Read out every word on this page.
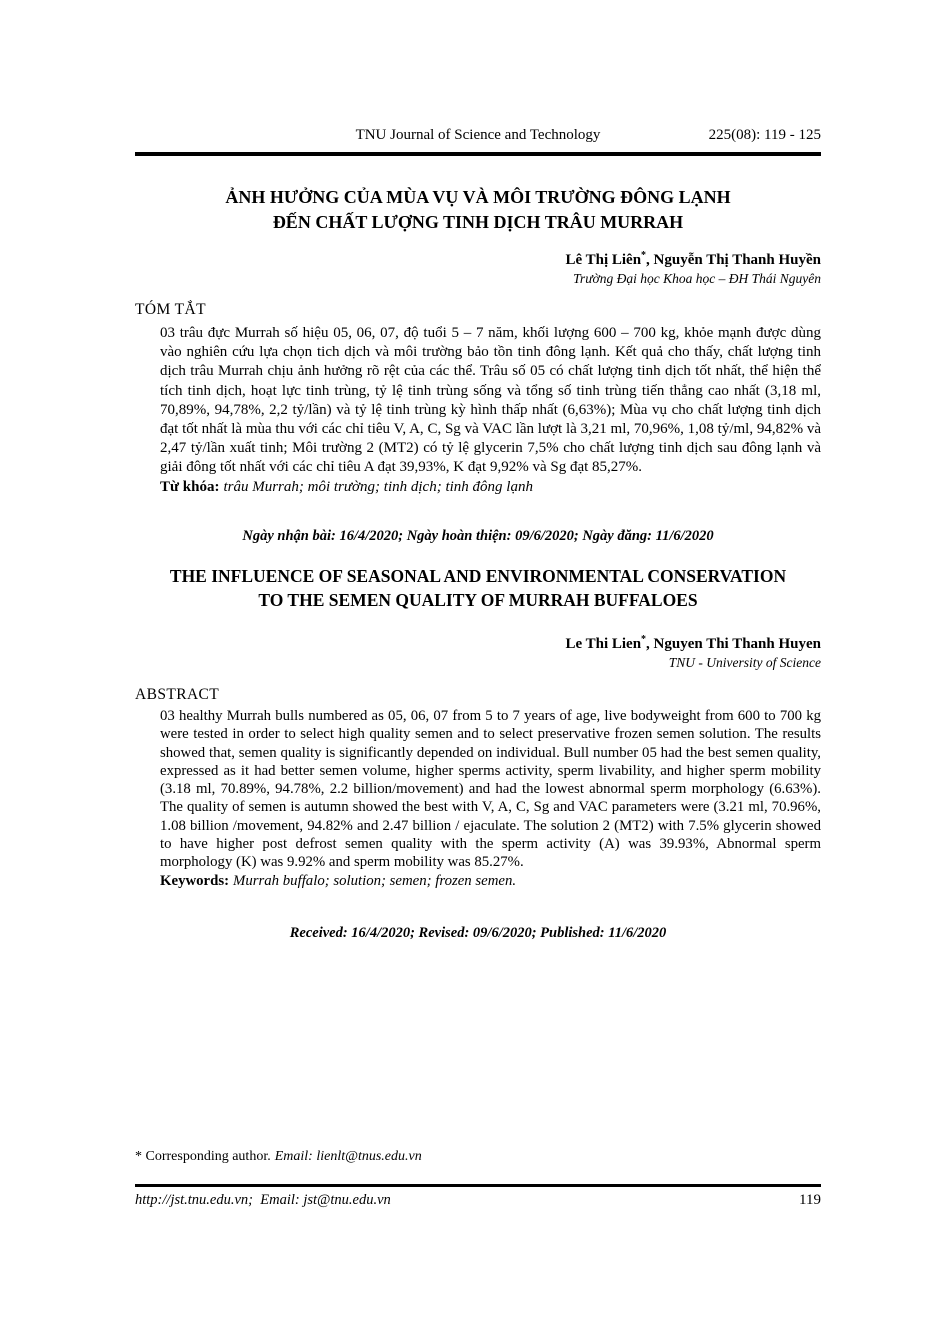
TNU Journal of Science and Technology	225(08): 119 - 125
ẢNH HƯỞNG CỦA MÙA VỤ VÀ MÔI TRƯỜNG ĐÔNG LẠNH
ĐẾN CHẤT LƯỢNG TINH DỊCH TRÂU MURRAH
Lê Thị Liên*, Nguyễn Thị Thanh Huyền
Trường Đại học Khoa học – ĐH Thái Nguyên
TÓM TẮT
03 trâu đực Murrah số hiệu 05, 06, 07, độ tuổi 5 – 7 năm, khối lượng 600 – 700 kg, khỏe mạnh được dùng vào nghiên cứu lựa chọn tich dịch và môi trường bảo tồn tinh đông lạnh. Kết quả cho thấy, chất lượng tinh dịch trâu Murrah chịu ảnh hưởng rõ rệt của các thể. Trâu số 05 có chất lượng tinh dịch tốt nhất, thể hiện thể tích tinh dịch, hoạt lực tinh trùng, tỷ lệ tinh trùng sống và tổng số tinh trùng tiến thẳng cao nhất (3,18 ml, 70,89%, 94,78%, 2,2 tỷ/lần) và tỷ lệ tinh trùng kỳ hình thấp nhất (6,63%); Mùa vụ cho chất lượng tinh dịch đạt tốt nhất là mùa thu với các chỉ tiêu V, A, C, Sg và VAC lần lượt là 3,21 ml, 70,96%, 1,08 tỷ/ml, 94,82% và 2,47 tỷ/lần xuất tinh; Môi trường 2 (MT2) có tỷ lệ glycerin 7,5% cho chất lượng tinh dịch sau đông lạnh và giải đông tốt nhất với các chỉ tiêu A đạt 39,93%, K đạt 9,92% và Sg đạt 85,27%.
Từ khóa: trâu Murrah; môi trường; tinh dịch; tinh đông lạnh
Ngày nhận bài: 16/4/2020; Ngày hoàn thiện: 09/6/2020; Ngày đăng: 11/6/2020
THE INFLUENCE OF SEASONAL AND ENVIRONMENTAL CONSERVATION
TO THE SEMEN QUALITY OF MURRAH BUFFALOES
Le Thi Lien*, Nguyen Thi Thanh Huyen
TNU - University of Science
ABSTRACT
03 healthy Murrah bulls numbered as 05, 06, 07 from 5 to 7 years of age, live bodyweight from 600 to 700 kg were tested in order to select high quality semen and to select preservative frozen semen solution. The results showed that, semen quality is significantly depended on individual. Bull number 05 had the best semen quality, expressed as it had better semen volume, higher sperms activity, sperm livability, and higher sperm mobility (3.18 ml, 70.89%, 94.78%, 2.2 billion/movement) and had the lowest abnormal sperm morphology (6.63%). The quality of semen is autumn showed the best with V, A, C, Sg and VAC parameters were (3.21 ml, 70.96%, 1.08 billion /movement, 94.82% and 2.47 billion / ejaculate. The solution 2 (MT2) with 7.5% glycerin showed to have higher post defrost semen quality with the sperm activity (A) was 39.93%, Abnormal sperm morphology (K) was 9.92% and sperm mobility was 85.27%.
Keywords: Murrah buffalo; solution; semen; frozen semen.
Received: 16/4/2020; Revised: 09/6/2020; Published: 11/6/2020
* Corresponding author. Email: lienlt@tnus.edu.vn
http://jst.tnu.edu.vn;  Email: jst@tnu.edu.vn	119
